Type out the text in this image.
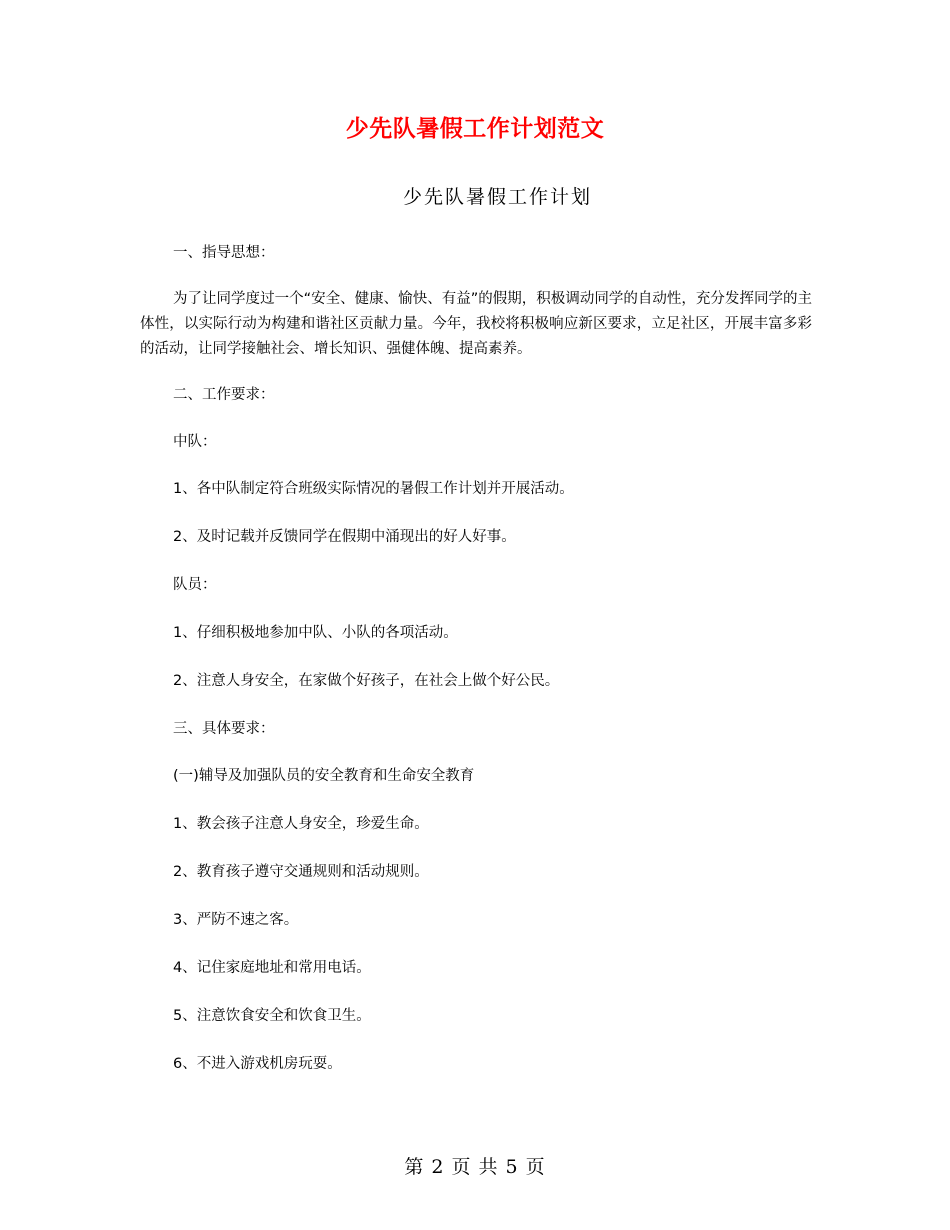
少先队暑假工作计划范文
少先队暑假工作计划
一、指导思想：
为了让同学度过一个“安全、健康、愉快、有益”的假期，积极调动同学的自动性，充分发挥同学的主体性，以实际行动为构建和谐社区贡献力量。今年，我校将积极响应新区要求，立足社区，开展丰富多彩的活动，让同学接触社会、增长知识、强健体魄、提高素养。
二、工作要求：
中队：
1、各中队制定符合班级实际情况的暑假工作计划并开展活动。
2、及时记载并反馈同学在假期中涌现出的好人好事。
队员：
1、仔细积极地参加中队、小队的各项活动。
2、注意人身安全，在家做个好孩子，在社会上做个好公民。
三、具体要求：
(一)辅导及加强队员的安全教育和生命安全教育
1、教会孩子注意人身安全，珍爱生命。
2、教育孩子遵守交通规则和活动规则。
3、严防不速之客。
4、记住家庭地址和常用电话。
5、注意饮食安全和饮食卫生。
6、不进入游戏机房玩耍。
第 2 页 共 5 页
